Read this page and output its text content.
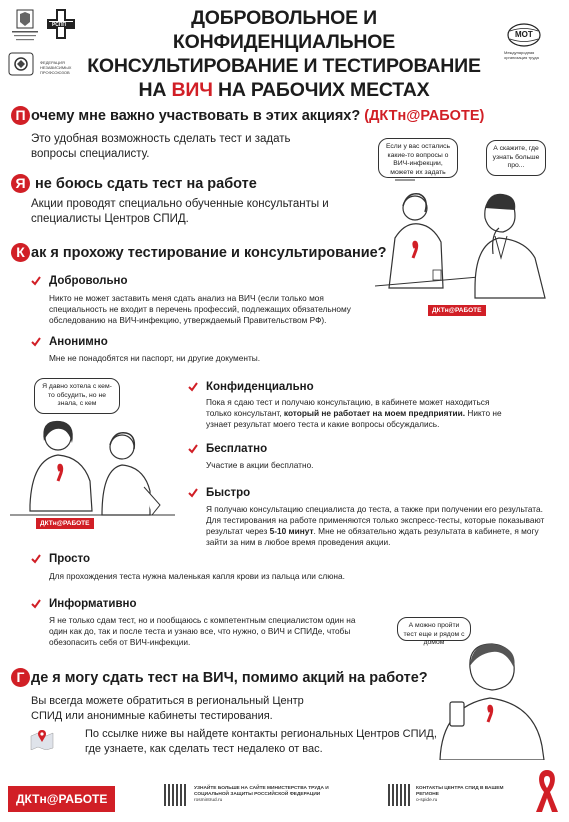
РСПП
ФЕДЕРАЦИЯ НЕЗАВИСИМЫХ ПРОФСОЮЗОВ
ДОБРОВОЛЬНОЕ И КОНФИДЕНЦИАЛЬНОЕ
КОНСУЛЬТИРОВАНИЕ И ТЕСТИРОВАНИЕ
НА ВИЧ НА РАБОЧИХ МЕСТАХ
МОТ
Международная организация труда
П очему мне важно участвовать в этих акциях?
(ДКТн@РАБОТЕ)
Это удобная возможность сделать тест и задать вопросы специалисту.
Я
не боюсь сдать тест на работе
Акции проводят специально обученные консультанты и специалисты Центров СПИД.
К ак я прохожу тестирование и консультирование?
Добровольно
Никто не может заставить меня сдать анализ на ВИЧ (если только моя специальность не входит в перечень профессий, подлежащих обязательному обследованию на ВИЧ-инфекцию, утверждаемый Правительством РФ).
Анонимно
Мне не понадобятся ни паспорт, ни другие документы.
Конфиденциально
Пока я сдаю тест и получаю консультацию, в кабинете может находиться только консультант, который не работает на моем предприятии. Никто не узнает результат моего теста и какие вопросы обсуждались.
Бесплатно
Участие в акции бесплатно.
Быстро
Я получаю консультацию специалиста до теста, а также при получении его результата. Для тестирования на работе применяются только экспресс-тесты, которые показывают результат через 5-10 минут. Мне не обязательно ждать результата в кабинете, я могу зайти за ним в любое время проведения акции.
Просто
Для прохождения теста нужна маленькая капля крови из пальца или слюна.
Информативно
Я не только сдам тест, но и пообщаюсь с компетентным специалистом один на один как до, так и после теста и узнаю все, что нужно, о ВИЧ и СПИДе, чтобы обезопасить себя от ВИЧ-инфекции.
Г де я могу сдать тест на ВИЧ, помимо акций на работе?
Вы всегда можете обратиться в региональный Центр СПИД или анонимные кабинеты тестирования.
По ссылке ниже вы найдете контакты региональных Центров СПИД, где узнаете, как сделать тест недалеко от вас.
Если у вас остались какие-то вопросы о ВИЧ-инфекции, можете их задать
А скажите, где узнать больше про...
ДКТн@РАБОТЕ
Я давно хотела с кем-то обсудить, но не знала, с кем
ДКТн@РАБОТЕ
А можно пройти тест еще и рядом с домом
ДКТн@РАБОТЕ
УЗНАЙТЕ БОЛЬШЕ НА САЙТЕ МИНИСТЕРСТВА ТРУДА И СОЦИАЛЬНОЙ ЗАЩИТЫ РОССИЙСКОЙ ФЕДЕРАЦИИ
rosmintrud.ru
КОНТАКТЫ ЦЕНТРА СПИД В ВАШЕМ РЕГИОНЕ
o-spide.ru
